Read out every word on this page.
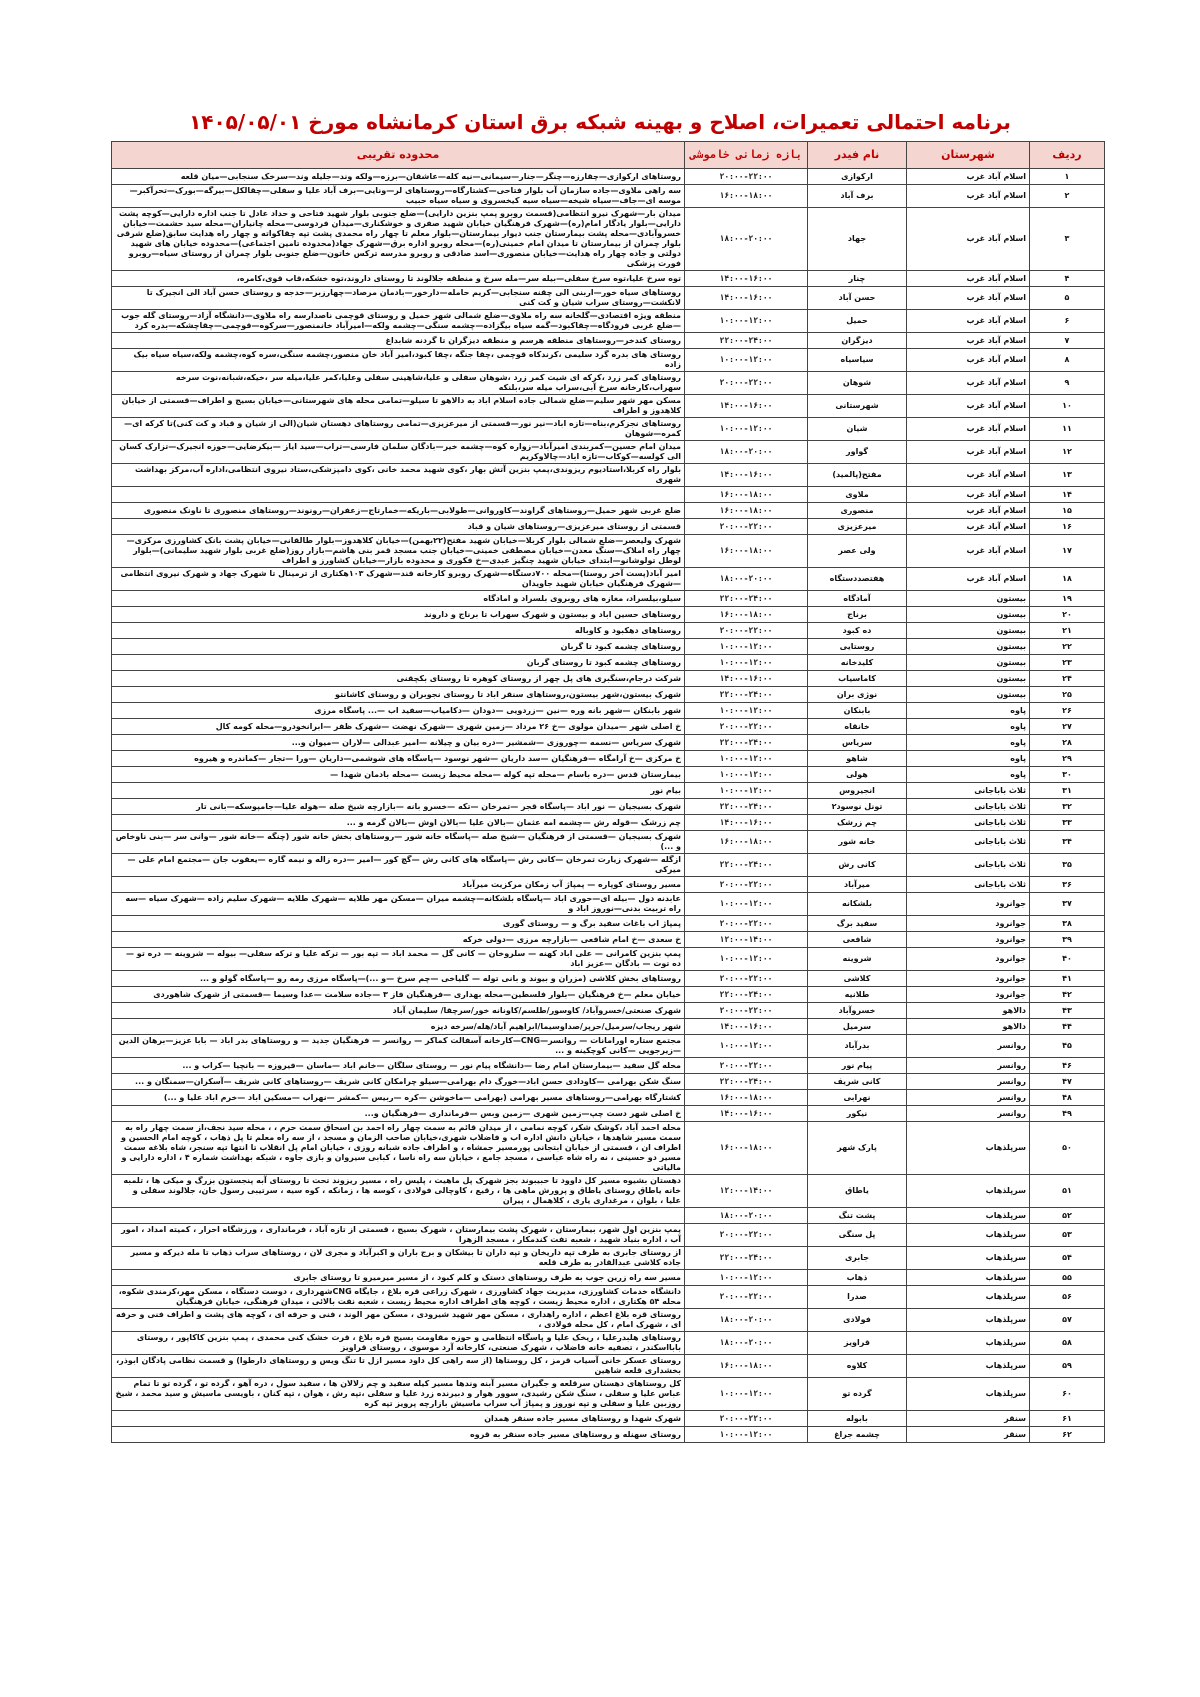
برنامه احتمالی تعمیرات، اصلاح و بهینه شبکه برق استان کرمانشاه مورخ ۱۴۰۵/۰۵/۰۱
ردیف	شهرستان	نام فیدر	بازه زمانی خاموشی	محدوده تقریبی
۱	اسلام آباد غرب	ارکوازی	۲۰:۰۰-۲۲:۰۰	روستاهای ارکوازی—چقارزه—چنگر—جنار—سیمانی—نیه کله—عاشقان—برزه—ولکه وند—جلیله وند—سرخک سنجابی—میان قلعه
۲	اسلام آباد غرب	برف آباد	۱۶:۰۰-۱۸:۰۰	سه راهی ملاوی—جاده سازمان آب بلوار فتاحی—کشتارگاه—روستاهای لر—ونایی—برف آباد علیا و سفلی—چقالکل—بیرگه—بورک—تحرآکبر—موسه ای—جاف—سیاه شیخه—سیاه سیه کیخسروی و سیاه سیاه حبیب
۳	اسلام آباد غرب	جهاد	۱۸:۰۰-۲۰:۰۰	میدان بار—شهرک نیرو انتظامی(قسمت روبرو پمپ بنزین دارایی)—ضلع جنوبی بلوار شهید فتاحی و حداد عادل تا جنب اداره دارایی—کوچه پشت دارایی—بلوار یادگار امام(ره)—شهرک فرهنگیان خیابان شهید صفری و خوشکناری—میدان فردوسی—محله چانیاران—محله سید حشمت—خیابان خسروآبادی—محله پشت بیمارستان جنب دیوار بیمارستان—بلوار معلم تا چهار راه محمدی پشت تپه چقاکواته و چهار راه هدایت سابق(ضلع شرقی بلوار چمران از بیمارستان تا میدان امام خمینی(ره)—محله روبرو اداره برق—شهرک جهاد(محدوده تامین اجتماعی)—محدوده خیابان های شهید دولتی و جاده چهار راه هدایت—خیابان منصوری—اسد صادقی و روبرو مدرسه ترکس خاتون—ضلع جنوبی بلوار چمران از روستای سیاه—روبرو فورت پزشکی
۴	اسلام آباد غرب	چنار	۱۴:۰۰-۱۶:۰۰	توه سرخ علیا،توه سرخ سفلی—بیله سر—مله سرخ و منطقه جلالوند تا روستای داروند،توه خشکه،قاب قوی،کامره،
۵	اسلام آباد غرب	حسن آباد	۱۴:۰۰-۱۶:۰۰	روستاهای سیاه خور—اربنی الی چقنه سنجابی—کریم حامله—دارخور—بادمان مرصاد—چهارزبر—حدجه و روستای حسن آباد الی انجیرک تا لانکشت—روستای سراب شیان و کت کنی
۶	اسلام آباد غرب	حمیل	۱۰:۰۰-۱۲:۰۰	منطقه ویژه اقتصادی—گلخانه سه راه ملاوی—ضلع شمالی شهر حمیل و روستای قوچمی ناصدارسه راه ملاوی—دانشگاه آزاد—روستای گله جوب—ضلع غربی فرودگاه—چقاکبود—گمه سیاه بیگزاده—چشمه سنگی—چشمه ولکه—امیرآباد خانمنصور—سرکوه—قوچمی—چقاچشکه—بدره کرد
۷	اسلام آباد غرب	دیزگران	۲۲:۰۰-۲۴:۰۰	روستای کندخر—روستاهای منطقه هرسم و منطقه دیزگران تا گردنه شابداغ
۸	اسلام آباد غرب	سیاسیاه	۱۰:۰۰-۱۲:۰۰	روستای های بدره گرد سلیمی ،کرندکاه قوچمی ،چقا جنگه ،چقا کبود،امیر آباد خان منصور،چشمه سنگی،سره کوه،چشمه ولکه،سیاه سیاه بیک زاده
۹	اسلام آباد غرب	شوهان	۲۰:۰۰-۲۲:۰۰	روستاهای کمر زرد ،کرکه ای شیت کمر زرد ،شوهان سفلی و علیا،شاهینی سفلی وعلیا،کمر علیا،میله سر ،خیکه،شبانه،نوت سرخه سهراب،کارخانه سرخ آبی،سراب میله سر،بلنکه
۱۰	اسلام آباد غرب	شهرستانی	۱۴:۰۰-۱۶:۰۰	مسکن مهر شهر سلیم—ضلع شمالی جاده اسلام اباد به دالاهو تا سیلو—تمامی محله های شهرستانی—خیابان بسیج و اطراف—قسمتی از خیابان کلاهدوز و اطراف
۱۱	اسلام آباد غرب	شیان	۱۰:۰۰-۱۲:۰۰	روستاهای نجزکرم،بناه—تازه اباد—نیر نور—قسمتی از میرعزیزی—تمامی روستاهای دهستان شیان(الی از شیان و قباد و کت کنی)تا کرکه ای—کمره—شوهان
۱۲	اسلام آباد غرب	گواور	۱۸:۰۰-۲۰:۰۰	میدان امام حسین—کمربندی امیرآباد—زواره کوه—چشمه خیر—بادگان سلمان فارسی—تراب—سید ایاز —بیکرضایی—حوزه انجیرک—تزارک کسان الی کولسه—کوکاب—تازه اباد—چالاوکریم
۱۳	اسلام آباد غرب	مفتح(پالمید)	۱۴:۰۰-۱۶:۰۰	بلوار راه کربلا،استادیوم ریزوندی،پمپ بنزین آتش بهار ،کوی شهید محمد خانی ،کوی دامپزشکی،ستاد نیروی انتظامی،اداره آب،مرکز بهداشت شهری
۱۴	اسلام آباد غرب	ملاوی	۱۶:۰۰-۱۸:۰۰	
۱۵	اسلام آباد غرب	منصوری	۱۶:۰۰-۱۸:۰۰	ضلع غربی شهر حمیل—روستاهای گراوند—کاوروانی—طولابی—باریکه—خمارتاج—زعفران—رونوند—روستاهای منصوری تا ناونک منصوری
۱۶	اسلام آباد غرب	میرعزیزی	۲۰:۰۰-۲۲:۰۰	قسمتی از روستای میرعزیزی—روستاهای شیان و قباد
۱۷	اسلام آباد غرب	ولی عصر	۱۶:۰۰-۱۸:۰۰	شهرک ولیعصر—ضلع شمالی بلوار کربلا—خیابان شهید مفتح(۲۲بهمن)—خیابان کلاهدوز—بلوار طالقانی—خیابان پشت بانک کشاورزی مرکزی—چهار راه املاک—سنگ معدن—خیابان مصطفی خمینی—خیابان جنب مسجد قمر بنی هاشم—بازار روز(ضلع غربی بلوار شهید سلیمانی)—بلوار لوطل تولوشانو—ابتدای خیابان شهید چنگیز عبدی—خ فکوری و محدوده بازار—خیابان کشاورز و اطراف
۱۸	اسلام آباد غرب	هفتصددستگاه	۱۸:۰۰-۲۰:۰۰	امیر آباد(پست آخر روستا)—محله ۷۰۰دستگاه—شهرک روبرو کارخانه قند—شهرک ۱۰۳هکتاری از ترمینال تا شهرک جهاد و شهرک نیروی انتظامی—شهرک فرهنگیان خیابان شهید جاویدان
۱۹	بیستون	آمادگاه	۲۲:۰۰-۲۴:۰۰	سیلو،بیلسراد، مغازه های روبروی بلسراد و امادگاه
۲۰	بیستون	برناج	۱۶:۰۰-۱۸:۰۰	روستاهای حسین اباد و بیستون و شهرک سهراب تا برناج و داروند
۲۱	بیستون	ده کبود	۲۰:۰۰-۲۲:۰۰	روستاهای دهکبود و کاوباله
۲۲	بیستون	روستایی	۱۰:۰۰-۱۲:۰۰	روستاهای چشمه کبود تا گربان
۲۳	بیستون	کلیدخانه	۱۰:۰۰-۱۲:۰۰	روستاهای چشمه کبود تا روستای گربان
۲۴	بیستون	کاماسیاب	۱۴:۰۰-۱۶:۰۰	شرکت درجام،سنگبری های پل چهر از روستای کوهره تا روستای بکچقنی
۲۵	بیستون	نوژی بران	۲۲:۰۰-۲۴:۰۰	شهرک بیستون،شهر بیستون،روستاهای سنقر اباد تا روستای نجوبران و روستای کاشانتو
۲۶	پاوه	بابنکان	۱۰:۰۰-۱۲:۰۰	شهر بابنکان —شهر بانه وره —نین —زردویی —دودان —دکامیاب—سفید اب —... پاسگاه مرزی
۲۷	پاوه	خانقاه	۲۰:۰۰-۲۲:۰۰	خ اصلی شهر —میدان مولوی —خ ۲۶ مرداد —زمین شهری —شهرک نهضت —شهرک ظفر —ابرانخودرو—محله کومه کال
۲۸	پاوه	سریاس	۲۲:۰۰-۲۴:۰۰	شهرک سریاس —نسمه —چوروزی —شمشیر —دره بیان و چیلانه —امیر عبدالی —لاران —میوان و...
۲۹	پاوه	شاهو	۱۰:۰۰-۱۲:۰۰	خ مرکزی —خ آرامگاه —فرهنگیان —سد داریان —شهر نوسود —پاسگاه های شوشمی—داریان —ورا —تجار —کماندره و هیروه
۳۰	پاوه	هولی	۱۰:۰۰-۱۲:۰۰	بیمارستان قدس —دره باسام —محله تپه کوله —محله محیط زیست —محله بادمان شهدا —
۳۱	ثلاث باباجانی	انجیروس	۱۰:۰۰-۱۲:۰۰	بیام نور
۳۲	ثلاث باباجانی	تونل نوسود۲	۲۲:۰۰-۲۴:۰۰	شهرک بسیجیان — نور اباد —پاسگاه قجر —تمرخان —تکه —خسرو بانه —بازارچه شیخ صله —هوله علیا—جامپوسکه—بانی تار
۳۳	ثلاث باباجانی	چم زرشک	۱۴:۰۰-۱۶:۰۰	چم زرشک —قوله رش —چشمه امه عثمان —بالان علیا —بالان اوش —بالان گرمه و ...
۳۴	ثلاث باباجانی	خانه شور	۱۶:۰۰-۱۸:۰۰	شهرک بسیجیان —قسمتی از فرهنگیان —شیخ صله —پاسگاه خانه شور —روستاهای بخش خانه شور (چنگه —خانه شور —وانی سر —بنی ناوخاص و ...)
۳۵	ثلاث باباجانی	کانی رش	۲۲:۰۰-۲۴:۰۰	ازگله —شهرک زیارت تمرخان —کانی رش —پاسگاه های کانی رش —گچ کور —امیر —دره زاله و نیمه گاره —یعقوب جان —مجتمع امام علی —میرکی
۳۶	ثلاث باباجانی	میرآباد	۲۰:۰۰-۲۲:۰۰	مسیر روستای کوپاره — پمپاژ آب زمکان مرکزیت میرآباد
۳۷	جوانرود	بلشکانه	۱۰:۰۰-۱۲:۰۰	عابدنه دول —بیله ای—حوری اباد —پاسگاه بلشکانه—چشمه میران —مسکن مهر طلایه —شهرک طلایه —شهرک سلیم زاده —شهرک سیاه —سه راه تربیت بدنی—نوروز اباد و
۳۸	جوانرود	سفید برگ	۲۰:۰۰-۲۲:۰۰	پمپاژ اب باغات سفید برگ و — روستای گوری
۳۹	جوانرود	شافعی	۱۲:۰۰-۱۴:۰۰	خ سعدی —خ امام شافعی —بازارچه مرزی —دولی خرکه
۴۰	جوانرود	شروینه	۱۰:۰۰-۱۲:۰۰	پمپ بنزین کامرانی — علی اباد کهنه — سلروخان — کانی گل — محمد اباد — تپه بور — ترکه علیا و ترکه سفلی— بیوله — شروینه — دره تو — ده توت — بادگان —عزیز اباد
۴۱	جوانرود	کلاشی	۲۰:۰۰-۲۲:۰۰	روستاهای بخش کلاشی (مزران و بیوند و بانی توله — گلیاخی —چم سرخ —و ...)—پاسگاه مرزی رمه رو —پاسگاه گولو و ...
۴۲	جوانرود	طلانیه	۲۲:۰۰-۲۴:۰۰	خیابان معلم —خ فرهنگیان —بلوار فلسطین—محله بهداری —فرهنگیان فاز ۳ —جاده سلامت —عدا وسیما —قسمتی از شهرک شاهوردی
۴۳	دالاهو	خسروآباد	۲۰:۰۰-۲۲:۰۰	شهرک صنعتی/خسروآباد/ کاوسور/طلسم/کاونانه خور/سرچقا/ سلیمان آباد
۴۴	دالاهو	سرمیل	۱۴:۰۰-۱۶:۰۰	شهر ریجاب/سرمیل/حرپر/صداوسیما/ابراهیم آباد/هله/سرخه دیزه
۴۵	روانسر	بدرآباد	۱۰:۰۰-۱۲:۰۰	مجتمع ستاره اورامانات — روانسر—CNG—کارخانه آسفالت کماکر — روانسر — فرهنگیان جدید — و روستاهای بدر اباد — بابا عزیز—برهان الدین —زیرجویی —کانی کوچکینه و ...
۴۶	روانسر	پیام نور	۲۰:۰۰-۲۲:۰۰	محله گل سفید —بیمارستان امام رضا —دانشگاه پیام نور — روستای سلگان —خانم اباد —ماسان —فیروزه — بانچیا —کراب و ...
۴۷	روانسر	کانی شریف	۲۲:۰۰-۲۴:۰۰	سنگ شکن بهرامی —کاودادی حسن اباد—خورگ دام بهرامی—سیلو چرامکان کانی شریف —روستاهای کانی شریف —آسکران—سمنگان و ...
۴۸	روانسر	نهرابی	۱۶:۰۰-۱۸:۰۰	کشتارگاه بهرامی—روستاهای مسیر بهرامی (بهرامی —ماخوشن —کره —ربیس —کمشر —نهراب —مسکین اباد —خرم اباد علیا و ...)
۴۹	روانسر	نیکور	۱۴:۰۰-۱۶:۰۰	خ اصلی شهر دست چپ—زمین شهری —زمین وبس —فرمانداری —فرهنگیان و...
۵۰	سرپلذهاب	پارک شهر	۱۶:۰۰-۱۸:۰۰	محله احمد آباد ،کوشک شکر، کوچه نمامی ، از میدان قائم به سمت چهار راه احمد بن اسحاق سمت حرم ، ، محله سید نجف،از سمت چهار راه به سمت مسیر شاهدها ، خیابان دانش اداره اب و فاضلاب شهری،خیابان صاحب الزمان و مسجد ، از سه راه معلم تا پل ذهاب ، کوچه امام الحسین و اطراف ان ، قسمتی از خیابان ابتجانی پورمسیر جمشاه ، و اطراف جاده شبانه روزی ، خیابان امام پل انقلاب تا انتها تپه سنجر، شاه بلاغه سمت مسیر دو حسینی ، نه راه شاه عباسی ، مسجد جامع ، خیابان سه راه ناسا ، کبابی سیروان و بازی جاوه ، شبکه بهداشت شماره ۴ ، اداره دارایی و مالیاتی
۵۱	سرپلذهاب	یاطاق	۱۲:۰۰-۱۴:۰۰	دهستان بشیوه مسیر کل داوود تا حبیبوند بجز شهرک پل ماهیت ، پلیس راه ، مسیر ریزوند تحت تا روستای آبه پنجستون بزرگ و میکی ها ، تلمبه خانه یاطاق روستای یاطاق و پرورش ماهی ها ، رقیع ، کاوچالی فولادی ، کوسه ها ، زمانکه ، کوه سیه ، سرتیبی رسول خان، جلالوند سفلی و علیا ، بلوان ، مرغداری یاری ، کلاهمال ، پیران
۵۲	سرپلذهاب	پشت تنگ	۱۸:۰۰-۲۰:۰۰	
۵۳	سرپلذهاب	پل سنگی	۲۰:۰۰-۲۲:۰۰	پمپ بنزین اول شهر، بیمارستان ، شهرک پشت بیمارستان ، شهرک بسیج ، قسمتی از تازه آباد ، فرمانداری ، ورزشگاه احرار ، کمیته امداد ، امور آب ، اداره بنیاد شهید ، شعبه تفت کندمکار ، مسجد الزهرا
۵۴	سرپلذهاب	جابری	۲۲:۰۰-۲۴:۰۰	از روستای جابری به طرف تپه داریخان و تپه داران تا بیشکان و برج باران و اکبرآباد و مجری لان ، روستاهای سراب ذهاب تا مله دیرکه و مسیر جاده کلاشی عبدالقادر به طرف قلعه
۵۵	سرپلذهاب	ذهاب	۱۰:۰۰-۱۲:۰۰	مسیر سه راه زرین جوب به طرف روستاهای دستک و کلم کبود ، از مسیر میرمیرو تا روستای جابری
۵۶	سرپلذهاب	صدرا	۲۰:۰۰-۲۲:۰۰	دانشگاه خدمات کشاورزی، مدیریت جهاد کشاورزی ، شهرک زراعی قره بلاغ ، جایگاه CNGشهرداری ، دوست دستگاه ، مسکن مهر،کرمندی شکوه، محله ۵۴ هکتاری ، اداره محیط زیست ، کوچه های اطراف اداره محیط زیست ، شعبه نفت بالائی ، میدان فرهنگی، خیابان فرهنگیان
۵۷	سرپلذهاب	فولادی	۱۸:۰۰-۲۰:۰۰	روستای قره بلاغ اعظم ، اداره راهداری ، مسکن مهر شهید شیرودی ، مسکن مهر الوند ، فنی و حرفه ای ، کوچه های پشت و اطراف فنی و حرفه ای ، شهرک امام ، کل محله فولادی ،
۵۸	سرپلذهاب	قراویز	۱۸:۰۰-۲۰:۰۰	روستاهای هلبدرعلیا ، ریخک علیا و پاسگاه انتظامی و حوزه مقاومت بسیج قره بلاغ ، قرت خشک کنی محمدی ، پمپ بنزین کاکاپور ، روستای بابااسکندر ، تصفیه خانه فاضلاب ، شهرک صنعتی، کارخانه آرد موسوی ، روستای قراویز
۵۹	سرپلذهاب	کلاوه	۱۶:۰۰-۱۸:۰۰	روستای عسکر خانی آسیاب قرمز ، کل روستاها (از سه راهی کل داود مسیر ازل تا تنگ ویس و روستاهای دارطوا) و قسمت نظامی پادگان ابوذر، بخشداری قلعه شاهین
۶۰	سرپلذهاب	گرده تو	۱۰:۰۰-۱۲:۰۰	کل روستاهای دهستان سرقلعه و جگیران مسیر آبنه وندها مسیر کیله سفید و چم زلالان ها ، سفید سول ، دره آهو ، گرده تو ، گرده تو تا تمام عباس علیا و سفلی ، سنگ شکن رشیدی، سوور هوار و دبیرنده زرد علیا و سفلی ،تپه رش ، هوان ، تپه کنان ، باویسی ماسیش و سید محمد ، شیخ روزبین علیا و سفلی و تپه نوروز و پمپاژ آب سراب ماسیش بازارچه پرویز تپه کره
۶۱	سنقر	بابوله	۲۰:۰۰-۲۲:۰۰	شهرک شهدا و روستاهای مسیر جاده سنقر همدان
۶۲	سنقر	چشمه جراغ	۱۰:۰۰-۱۲:۰۰	روستای سهنله و روستاهای مسیر جاده سنقر به قروه
